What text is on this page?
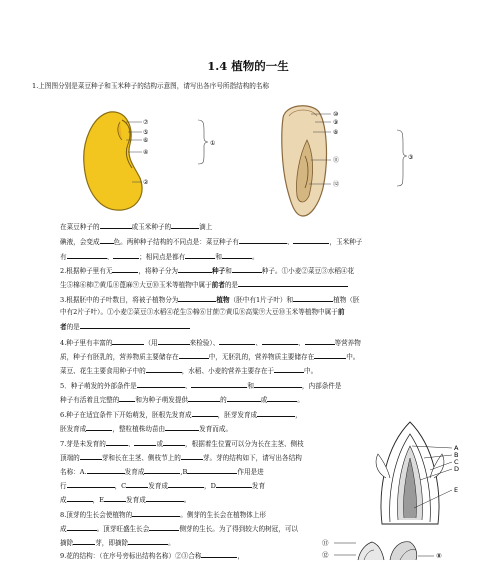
1.4 植物的一生
1.上图图分别是菜豆种子和玉米种子的结构示意图，请写出各序号所指结构的名称
⑦
⑤
⑥
④
②
①
⑩
⑨
⑧
⑪
⑫
③
在菜豆种子的	或玉米种子的	滴上
碘液，会变成 色。两种种子结构的不同点是：菜豆种子有	、	，玉米种子
有	、	；相同点是都有	和	。
2.根据种子里有无	，将种子分为	种子和	种子。①小麦②菜豆③水稻④花
生⑤棉⑥柿⑦黄瓜⑧蓖麻⑨大豆⑩玉米等植物中属于前者的是
3.根据胚中的子叶数目，将被子植物分为	植物（胚中有1片子叶）和	植物（胚
中有2片子叶）。①小麦②菜豆③水稻④花生⑤棉⑥甘蔗⑦黄瓜⑧高粱⑨大豆⑩玉米等植物中属于前
者的是
4.种子里有丰富的	（用	来检验）、	、	、	等营养物
质，种子有胚乳的，营养物质主要储存在	中，无胚乳的，营养物质主要储存在	中。
菜豆、花生主要食用种子中的	，水稻、小麦的营养主要存在于	中。
5．种子萌发的外部条件是	、	和	，内部条件是
种子有活着且完整的 和为种子萌发提供	的	或	。
6.种子在适宜条件下开始萌发，胚根先发育成	，胚芽发育成	，
胚发育成	，整粒植株幼苗由	发育而成。
7.芽是未发育的	、	或	，根据着生位置可以分为长在主茎、侧枝
顶端的	芽和长在主茎、侧枝节上的	芽。芽的结构如下，请写出各结构
名称：A.	发育成	,B	作用是进
行	，C	发育成	，D	发育
成	，E	发育成	。
A
B
C
D
E
8.顶芽的生长会使植物的	。侧芽的生长会在植物体上形
成	。顶芽旺盛生长会	侧芽的生长。为了得到较大的树冠，可以
摘除	芽，即摘除	。
9.花的结构：（在序号旁标出结构名称）②③合称	，
⑪
⑫	⑧
